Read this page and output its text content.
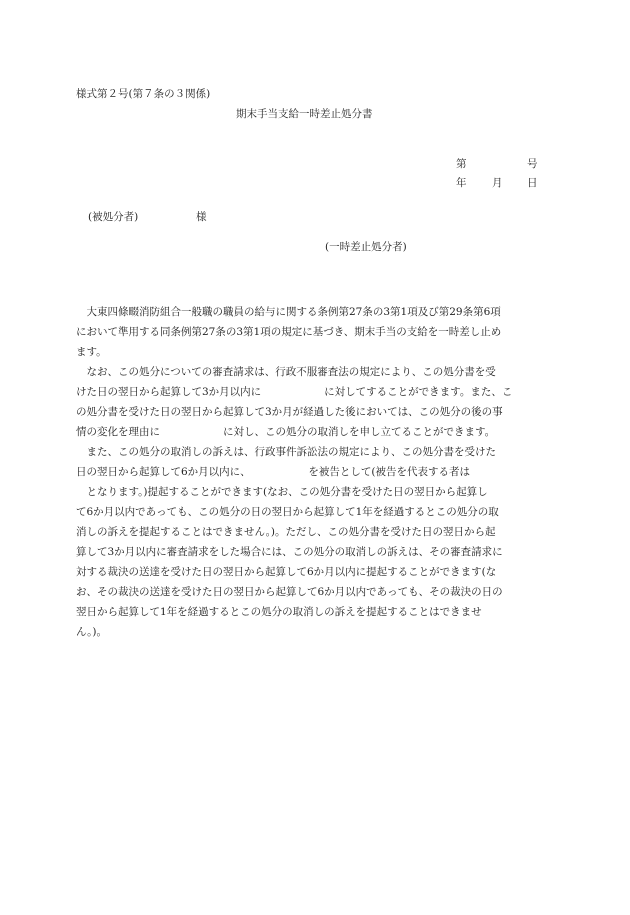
様式第２号(第７条の３関係)
期末手当支給一時差止処分書
第	号
年 月 日
(被処分者)	様
(一時差止処分者)
　大東四條畷消防組合一般職の職員の給与に関する条例第27条の3第1項及び第29条第6項
において準用する同条例第27条の3第1項の規定に基づき、期末手当の支給を一時差し止め
ます。
　なお、この処分についての審査請求は、行政不服審査法の規定により、この処分書を受
けた日の翌日から起算して3か月以内に　　　　　　に対してすることができます。また、こ
の処分書を受けた日の翌日から起算して3か月が経過した後においては、この処分の後の事
情の変化を理由に　　　　　　に対し、この処分の取消しを申し立てることができます。
　また、この処分の取消しの訴えは、行政事件訴訟法の規定により、この処分書を受けた
日の翌日から起算して6か月以内に、　　　　　　を被告として(被告を代表する者は
　となります。)提起することができます(なお、この処分書を受けた日の翌日から起算し
て6か月以内であっても、この処分の日の翌日から起算して1年を経過するとこの処分の取
消しの訴えを提起することはできません。)。ただし、この処分書を受けた日の翌日から起
算して3か月以内に審査請求をした場合には、この処分の取消しの訴えは、その審査請求に
対する裁決の送達を受けた日の翌日から起算して6か月以内に提起することができます(な
お、その裁決の送達を受けた日の翌日から起算して6か月以内であっても、その裁決の日の
翌日から起算して1年を経過するとこの処分の取消しの訴えを提起することはできませ
ん。)。
